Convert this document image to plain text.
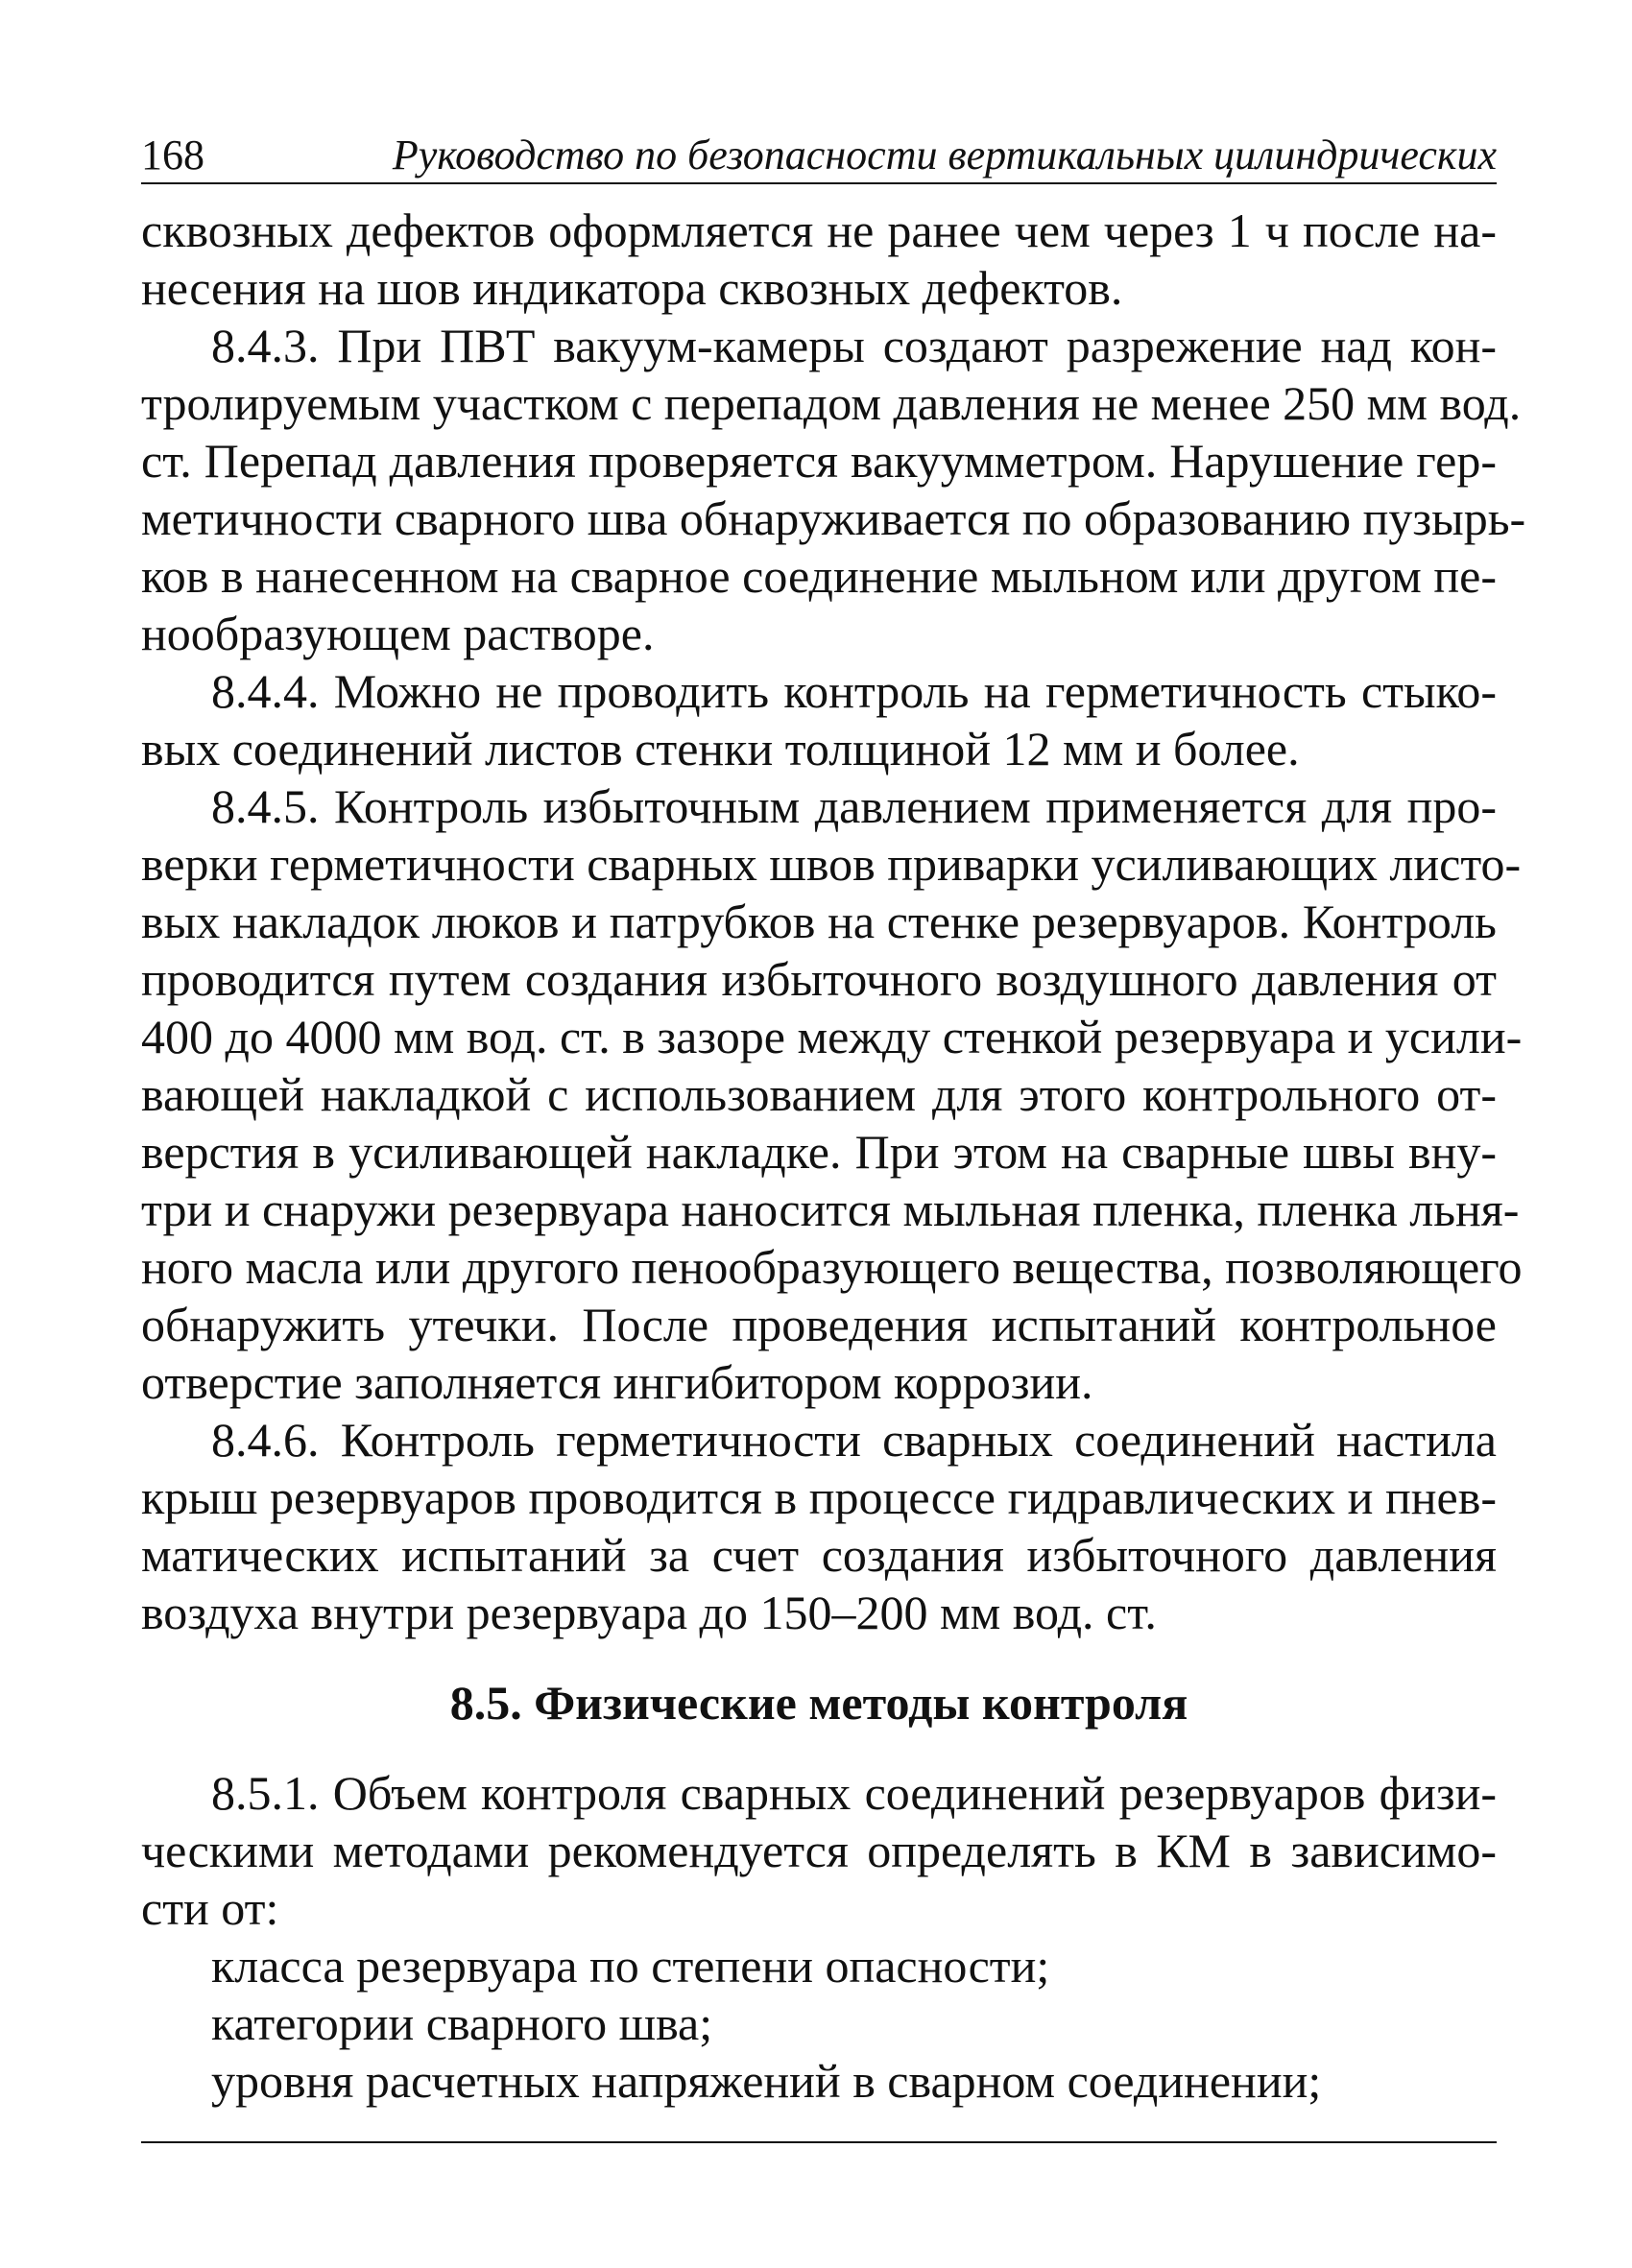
168	Руководство по безопасности вертикальных цилиндрических
сквозных дефектов оформляется не ранее чем через 1 ч после на-
несения на шов индикатора сквозных дефектов.
8.4.3. При ПВТ вакуум-камеры создают разрежение над кон-
тролируемым участком с перепадом давления не менее 250 мм вод.
ст. Перепад давления проверяется вакуумметром. Нарушение гер-
метичности сварного шва обнаруживается по образованию пузырь-
ков в нанесенном на сварное соединение мыльном или другом пе-
нообразующем растворе.
8.4.4. Можно не проводить контроль на герметичность стыко-
вых соединений листов стенки толщиной 12 мм и более.
8.4.5. Контроль избыточным давлением применяется для про-
верки герметичности сварных швов приварки усиливающих листо-
вых накладок люков и патрубков на стенке резервуаров. Контроль
проводится путем создания избыточного воздушного давления от
400 до 4000 мм вод. ст. в зазоре между стенкой резервуара и усили-
вающей накладкой с использованием для этого контрольного от-
верстия в усиливающей накладке. При этом на сварные швы вну-
три и снаружи резервуара наносится мыльная пленка, пленка льня-
ного масла или другого пенообразующего вещества, позволяющего
обнаружить утечки. После проведения испытаний контрольное
отверстие заполняется ингибитором коррозии.
8.4.6. Контроль герметичности сварных соединений настила
крыш резервуаров проводится в процессе гидравлических и пнев-
матических испытаний за счет создания избыточного давления
воздуха внутри резервуара до 150–200 мм вод. ст.
8.5. Физические методы контроля
8.5.1. Объем контроля сварных соединений резервуаров физи-
ческими методами рекомендуется определять в КМ в зависимо-
сти от:
класса резервуара по степени опасности;
категории сварного шва;
уровня расчетных напряжений в сварном соединении;
